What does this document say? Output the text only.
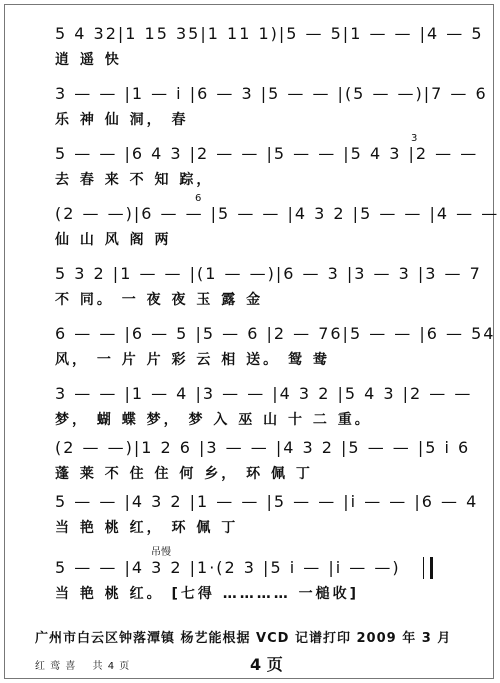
5 4 32|1 15 35|1 11 1)|5 — 5|1 — — |4 — 5
逍 遥 快
3 — — |1 — i |6 — 3 |5 — — |(5 — —)|7 — 6
乐 神 仙 洞， 春
5 — — |6 4 3 |2 — — |5 — — |5 4 3 |2 — —
去 春 来 不 知 踪，
3
(2 — —)|6 — — |5 — — |4 3 2 |5 — — |4 — —
仙 山 风 阁 两
6
5 3 2 |1 — — |(1 — —)|6 — 3 |3 — 3 |3 — 7
不 同。 一 夜 夜 玉 露 金
6 — — |6 — 5 |5 — 6 |2 — 76|5 — — |6 — 54
风， 一 片 片 彩 云 相 送。 鸳 鸯
3 — — |1 — 4 |3 — — |4 3 2 |5 4 3 |2 — —
梦， 蝴 蝶 梦， 梦 入 巫 山 十 二 重。
(2 — —)|1 2 6 |3 — — |4 3 2 |5 — — |5 i 6
蓬 莱 不 住 住 何 乡， 环 佩 丁
5 — — |4 3 2 |1 — — |5 — — |i — — |6 — 4
当 艳 桃 红， 环 佩 丁
吊慢
5 — — |4 3 2 |1·(2 3 |5 i — |i — —)
当 艳 桃 红。 [七得 ………… 一槌收]
广州市白云区钟落潭镇 杨艺能根据 VCD 记谱打印 2009 年 3 月
红 鸾 喜 共 4 页	4 页
